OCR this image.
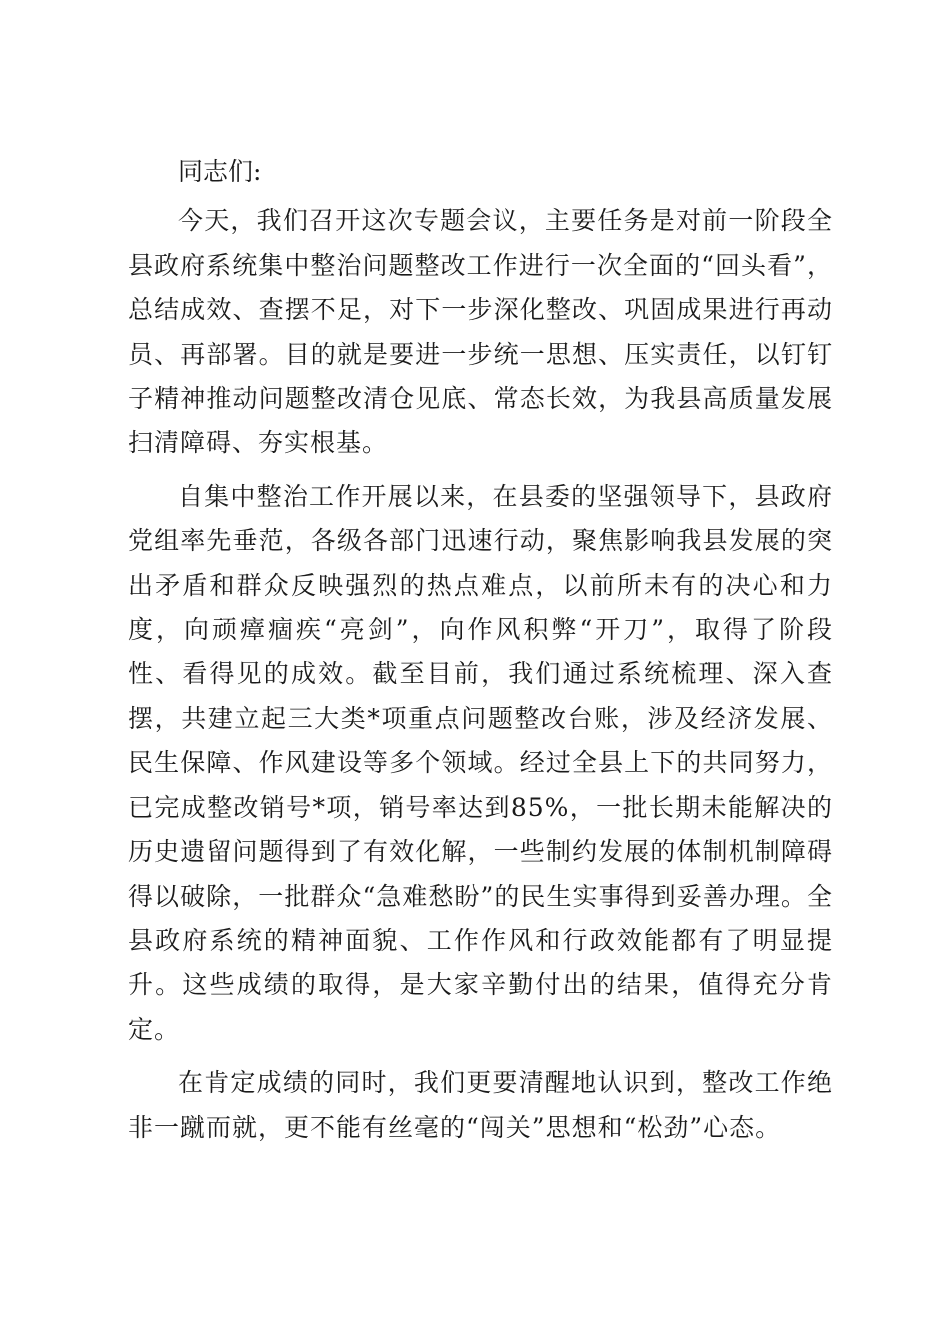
同志们:

今天，我们召开这次专题会议，主要任务是对前一阶段全县政府系统集中整治问题整改工作进行一次全面的“回头看”，总结成效、查摆不足，对下一步深化整改、巩固成果进行再动员、再部署。目的就是要进一步统一思想、压实责任，以钉钉子精神推动问题整改清仓见底、常态长效，为我县高质量发展扫清障碍、夯实根基。

自集中整治工作开展以来，在县委的坚强领导下，县政府党组率先垂范，各级各部门迅速行动，聚焦影响我县发展的突出矛盾和群众反映强烈的热点难点，以前所未有的决心和力度，向顽瘴痼疾“亮剑”，向作风积弊“开刀”，取得了阶段性、看得见的成效。截至目前，我们通过系统梳理、深入查摆，共建立起三大类*项重点问题整改台账，涉及经济发展、民生保障、作风建设等多个领域。经过全县上下的共同努力，已完成整改销号*项，销号率达到85%，一批长期未能解决的历史遗留问题得到了有效化解，一些制约发展的体制机制障碍得以破除，一批群众“急难愁盼”的民生实事得到妥善办理。全县政府系统的精神面貌、工作作风和行政效能都有了明显提升。这些成绩的取得，是大家辛勤付出的结果，值得充分肯定。

在肯定成绩的同时，我们更要清醒地认识到，整改工作绝非一蹴而就，更不能有丝毫的“闯关”思想和“松劲”心态。
